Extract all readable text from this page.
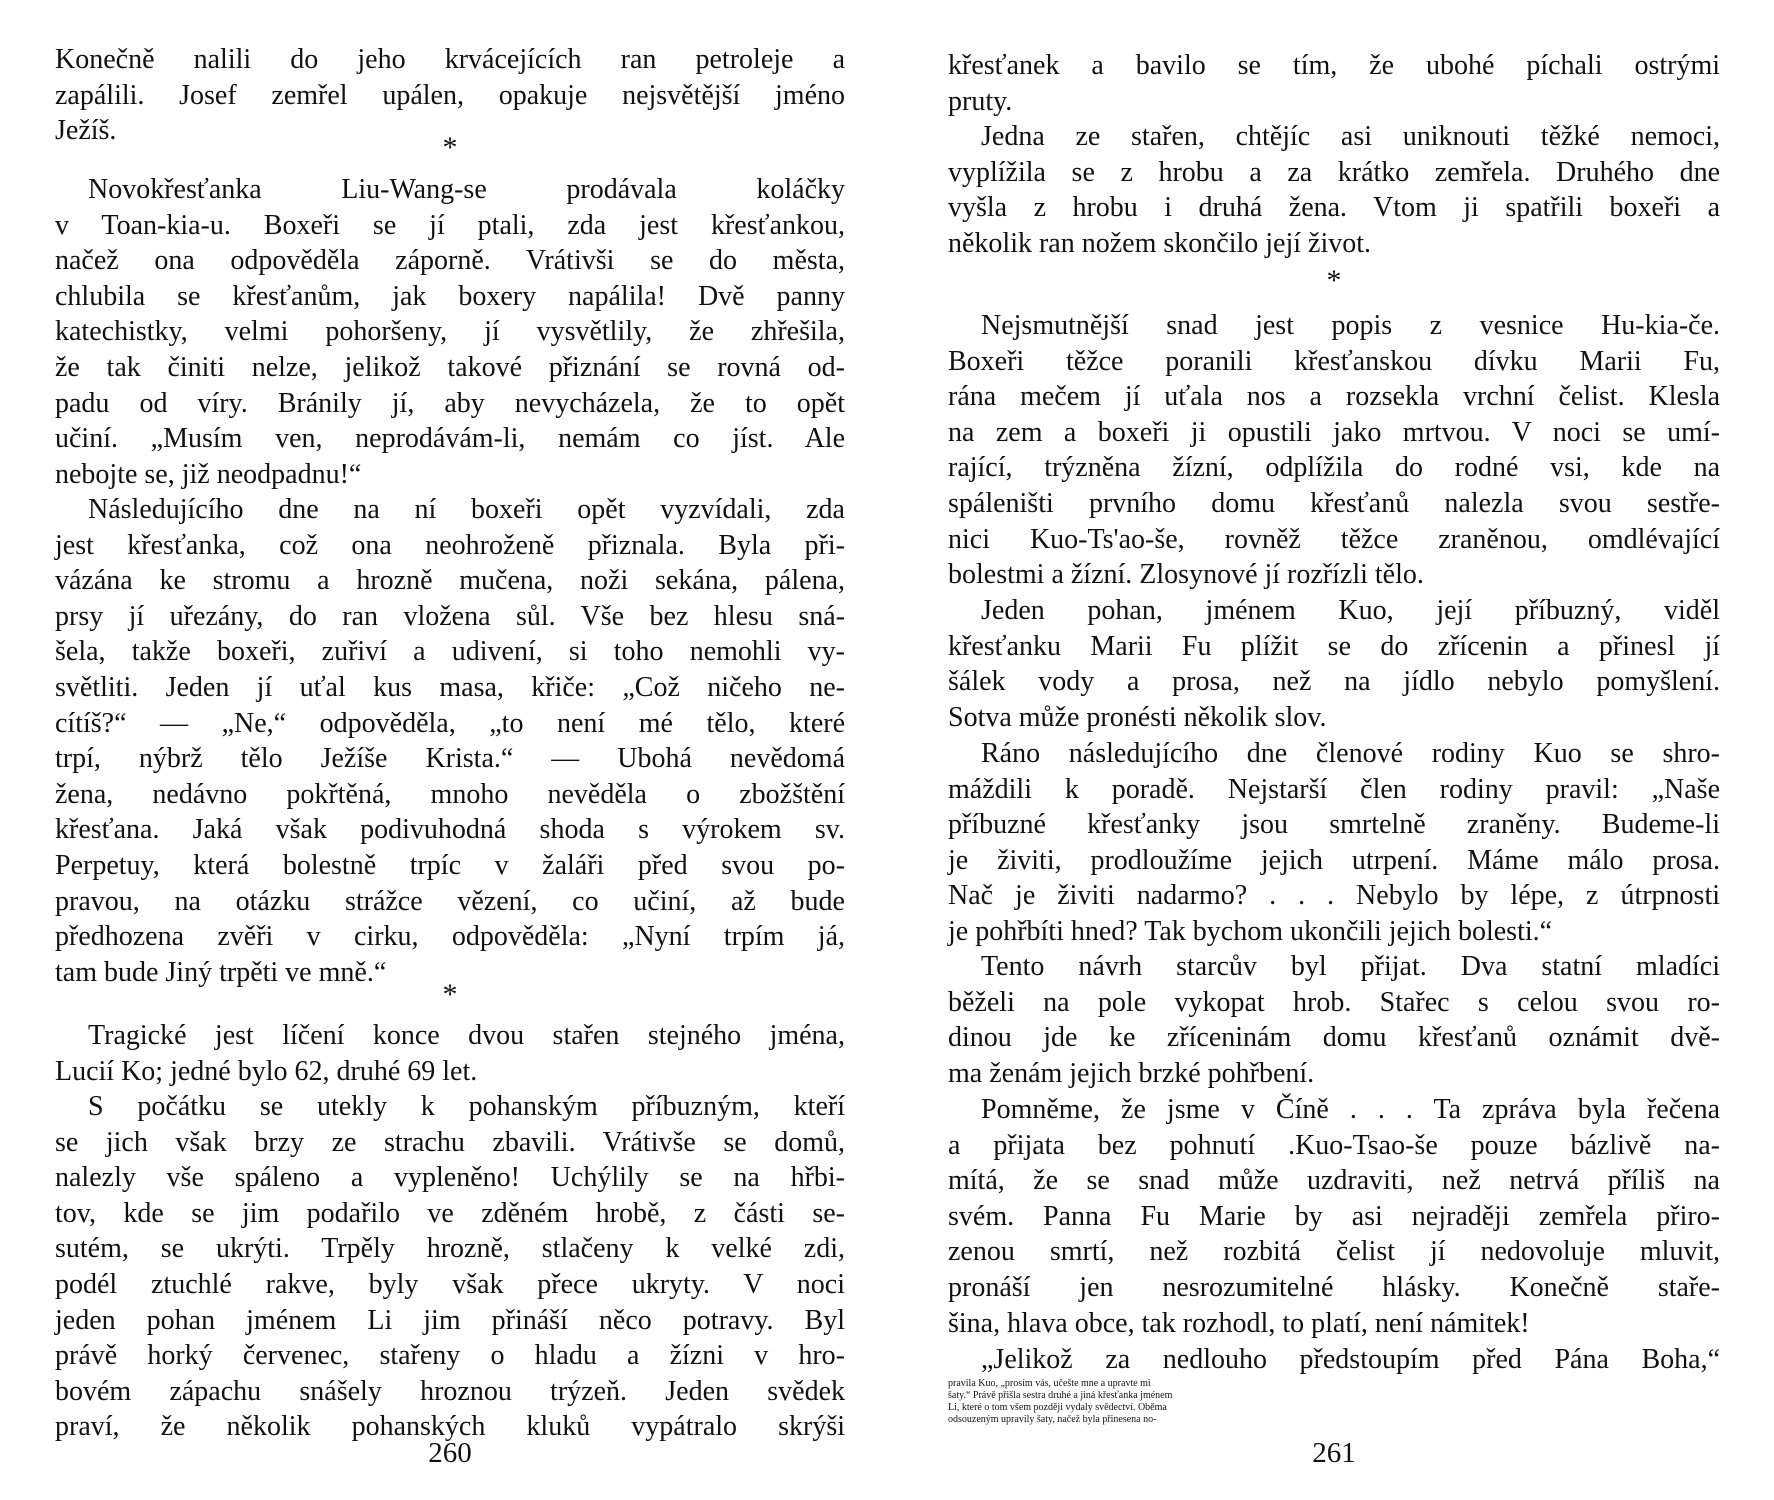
Konečně nalili do jeho krvácejících ran petroleje a
zapálili. Josef zemřel upálen, opakuje nejsvětější jméno
Ježíš.
*
Novokřesťanka Liu-Wang-se prodávala koláčky
v Toan-kia-u. Boxeři se jí ptali, zda jest křesťankou,
načež ona odpověděla záporně. Vrátivši se do města,
chlubila se křesťanům, jak boxery napálila! Dvě panny
katechistky, velmi pohoršeny, jí vysvětlily, že zhřešila,
že tak činiti nelze, jelikož takové přiznání se rovná od-
padu od víry. Bránily jí, aby nevycházela, že to opět
učiní. „Musím ven, neprodávám-li, nemám co jíst. Ale
nebojte se, již neodpadnu!“
Následujícího dne na ní boxeři opět vyzvídali, zda
jest křesťanka, což ona neohroženě přiznala. Byla při-
vázána ke stromu a hrozně mučena, noži sekána, pálena,
prsy jí uřezány, do ran vložena sůl. Vše bez hlesu sná-
šela, takže boxeři, zuřiví a udivení, si toho nemohli vy-
světliti. Jeden jí uťal kus masa, křiče: „Což ničeho ne-
cítíš?“ — „Ne,“ odpověděla, „to není mé tělo, které
trpí, nýbrž tělo Ježíše Krista.“ — Ubohá nevědomá
žena, nedávno pokřtěná, mnoho nevěděla o zbožštění
křesťana. Jaká však podivuhodná shoda s výrokem sv.
Perpetuy, která bolestně trpíc v žaláři před svou po-
pravou, na otázku strážce vězení, co učiní, až bude
předhozena zvěři v cirku, odpověděla: „Nyní trpím já,
tam bude Jiný trpěti ve mně.“
*
Tragické jest líčení konce dvou stařen stejného jména,
Lucií Ko; jedné bylo 62, druhé 69 let.
S počátku se utekly k pohanským příbuzným, kteří
se jich však brzy ze strachu zbavili. Vrátivše se domů,
nalezly vše spáleno a vypleněno! Uchýlily se na hřbi-
tov, kde se jim podařilo ve zděném hrobě, z části se-
sutém, se ukrýti. Trpěly hrozně, stlačeny k velké zdi,
podél ztuchlé rakve, byly však přece ukryty. V noci
jeden pohan jménem Li jim přináší něco potravy. Byl
právě horký červenec, stařeny o hladu a žízni v hro-
bovém zápachu snášely hroznou trýzeň. Jeden svědek
praví, že několik pohanských kluků vypátralo skrýši
260
křesťanek a bavilo se tím, že ubohé píchali ostrými
pruty.
Jedna ze stařen, chtějíc asi uniknouti těžké nemoci,
vyplížila se z hrobu a za krátko zemřela. Druhého dne
vyšla z hrobu i druhá žena. Vtom ji spatřili boxeři a
několik ran nožem skončilo její život.
*
Nejsmutnější snad jest popis z vesnice Hu-kia-če.
Boxeři těžce poranili křesťanskou dívku Marii Fu,
rána mečem jí uťala nos a rozsekla vrchní čelist. Klesla
na zem a boxeři ji opustili jako mrtvou. V noci se umí-
rající, trýzněna žízní, odplížila do rodné vsi, kde na
spáleništi prvního domu křesťanů nalezla svou sestře-
nici Kuo-Ts'ao-še, rovněž těžce zraněnou, omdlévající
bolestmi a žízní. Zlosynové jí rozřízli tělo.
Jeden pohan, jménem Kuo, její příbuzný, viděl
křesťanku Marii Fu plížit se do zřícenin a přinesl jí
šálek vody a prosa, než na jídlo nebylo pomyšlení.
Sotva může pronésti několik slov.
Ráno následujícího dne členové rodiny Kuo se shro-
máždili k poradě. Nejstarší člen rodiny pravil: „Naše
příbuzné křesťanky jsou smrtelně zraněny. Budeme-li
je živiti, prodloužíme jejich utrpení. Máme málo prosa.
Nač je živiti nadarmo? . . . Nebylo by lépe, z útrpnosti
je pohřbíti hned? Tak bychom ukončili jejich bolesti.“
Tento návrh starcův byl přijat. Dva statní mladíci
běželi na pole vykopat hrob. Stařec s celou svou ro-
dinou jde ke zříceninám domu křesťanů oznámit dvě-
ma ženám jejich brzké pohřbení.
Pomněme, že jsme v Číně . . . Ta zpráva byla řečena
a přijata bez pohnutí .Kuo-Tsao-še pouze bázlivě na-
mítá, že se snad může uzdraviti, než netrvá příliš na
svém. Panna Fu Marie by asi nejraději zemřela přiro-
zenou smrtí, než rozbitá čelist jí nedovoluje mluvit,
pronáší jen nesrozumitelné hlásky. Konečně staře-
šina, hlava obce, tak rozhodl, to platí, není námitek!
„Jelikož za nedlouho předstoupím před Pána Boha,“
261
pravila Kuo, „prosím vás, učešte mne a upravte mi
šaty.“ Právě přišla sestra druhé a jiná křesťanka jménem
Li, které o tom všem později vydaly svědectví. Oběma
odsouzeným upravily šaty, načež byla přinesena no-
